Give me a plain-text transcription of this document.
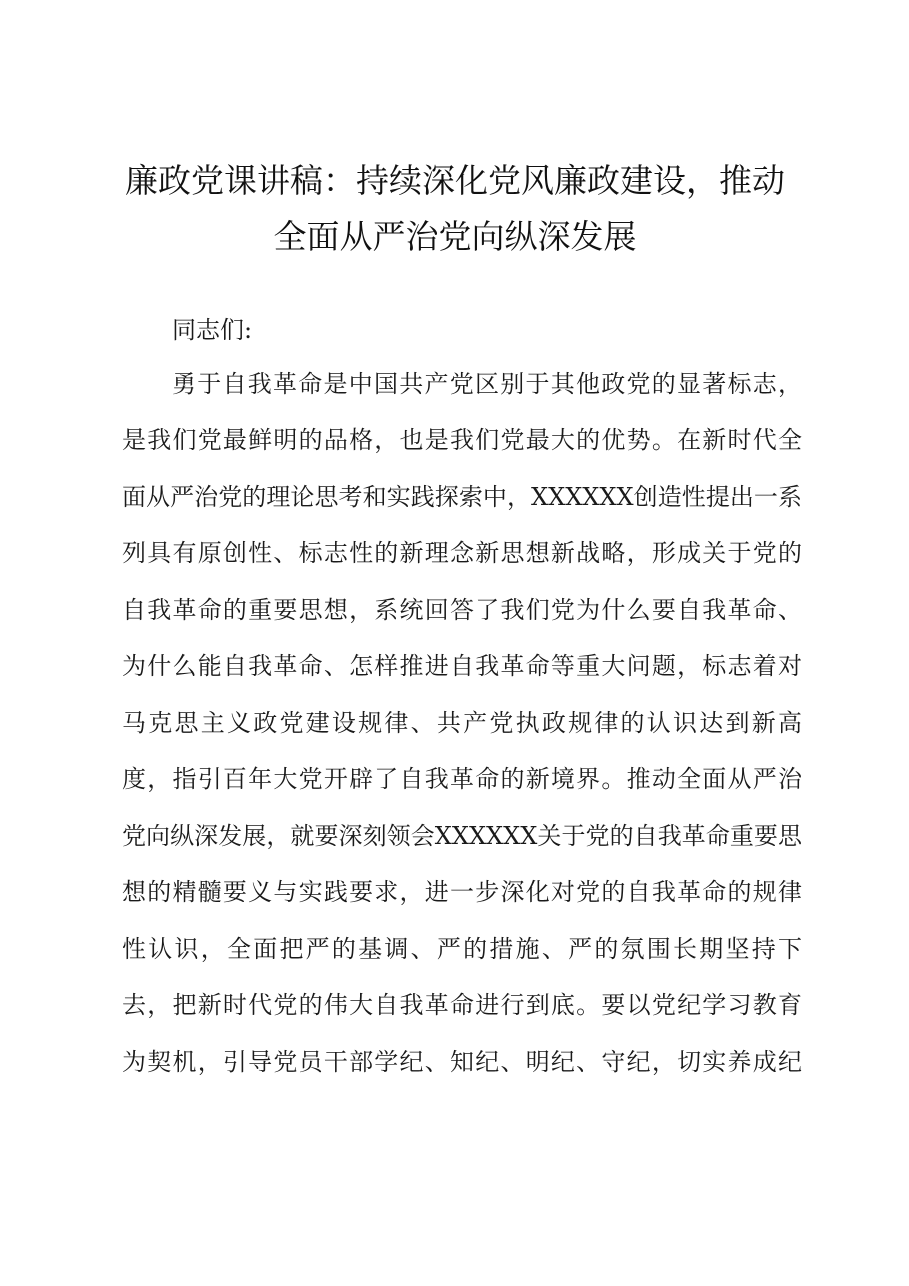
廉政党课讲稿：持续深化党风廉政建设，推动
全面从严治党向纵深发展
同志们:
勇于自我革命是中国共产党区别于其他政党的显著标志，
是我们党最鲜明的品格，也是我们党最大的优势。在新时代全
面从严治党的理论思考和实践探索中，XXXXXX创造性提出一系
列具有原创性、标志性的新理念新思想新战略，形成关于党的
自我革命的重要思想，系统回答了我们党为什么要自我革命、
为什么能自我革命、怎样推进自我革命等重大问题，标志着对
马克思主义政党建设规律、共产党执政规律的认识达到新高
度，指引百年大党开辟了自我革命的新境界。推动全面从严治
党向纵深发展，就要深刻领会XXXXXX关于党的自我革命重要思
想的精髓要义与实践要求，进一步深化对党的自我革命的规律
性认识，全面把严的基调、严的措施、严的氛围长期坚持下
去，把新时代党的伟大自我革命进行到底。要以党纪学习教育
为契机，引导党员干部学纪、知纪、明纪、守纪，切实养成纪
